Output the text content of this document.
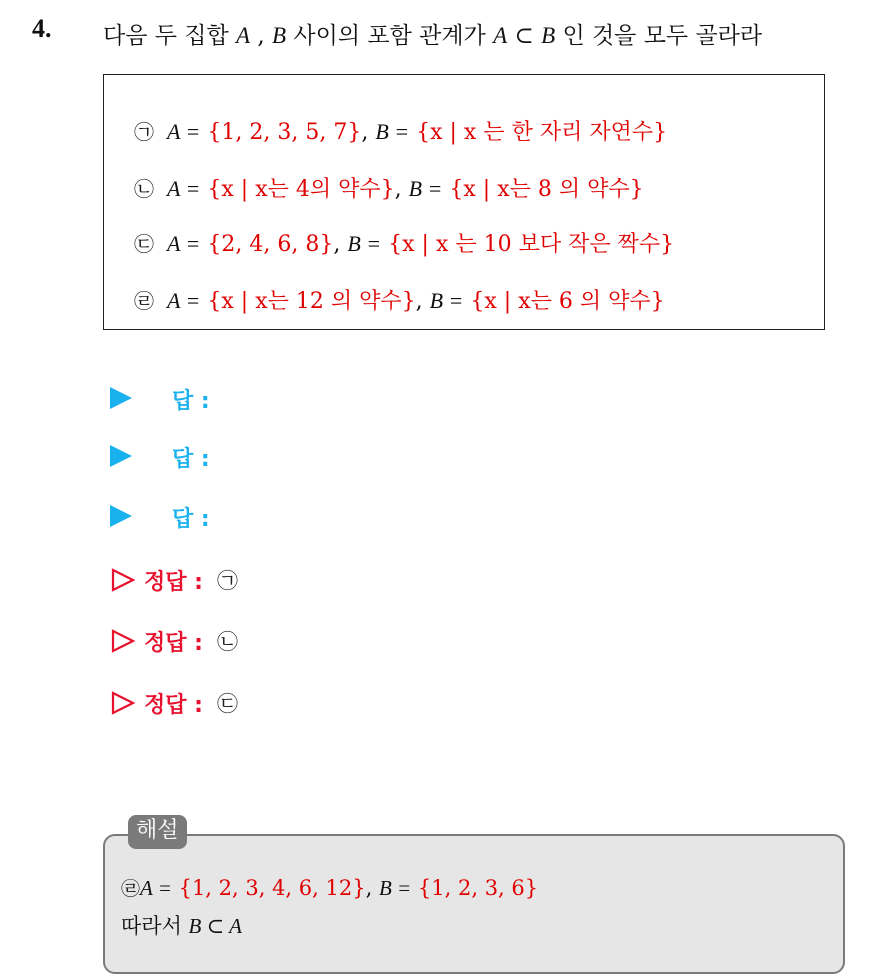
4. 다음 두 집합 A , B 사이의 포함 관계가 A ⊂ B 인 것을 모두 골라라
㉠ A = {1, 2, 3, 5, 7}, B = {x | x 는 한 자리 자연수}
㉡ A = {x | x는 4의 약수}, B = {x | x는 8 의 약수}
㉢ A = {2, 4, 6, 8}, B = {x | x 는 10 보다 작은 짝수}
㉣ A = {x | x는 12 의 약수}, B = {x | x는 6 의 약수}
답 :
답 :
답 :
정답 : ㉠
정답 : ㉡
정답 : ㉢
㉣A = {1, 2, 3, 4, 6, 12}, B = {1, 2, 3, 6}
따라서 B ⊂ A
해설
